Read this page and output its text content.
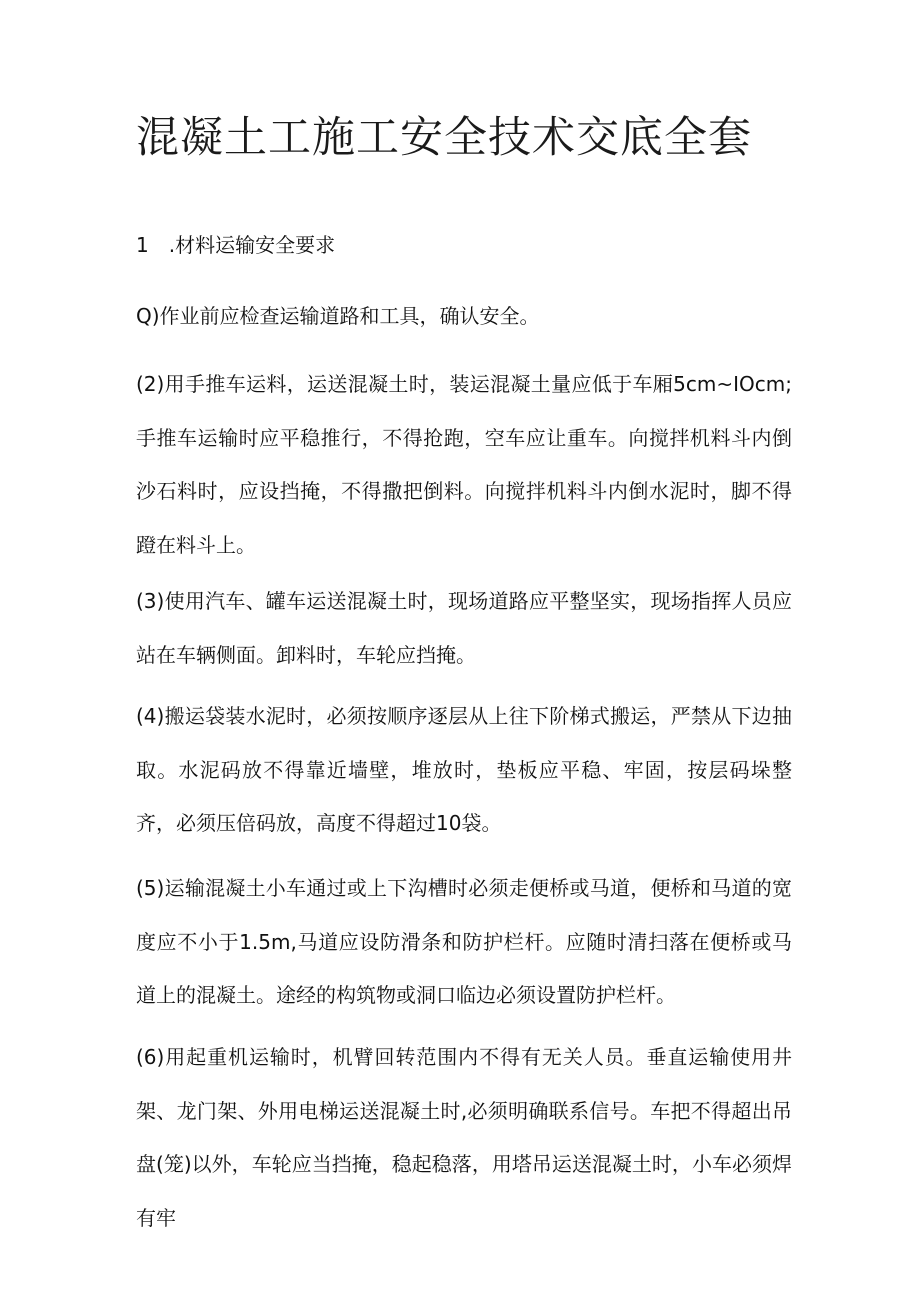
混凝土工施工安全技术交底全套
1　.材料运输安全要求

Q)作业前应检查运输道路和工具，确认安全。

(2)用手推车运料，运送混凝土时，装运混凝土量应低于车厢5cm~IOcm;手推车运输时应平稳推行，不得抢跑，空车应让重车。向搅拌机料斗内倒沙石料时，应设挡掩，不得撒把倒料。向搅拌机料斗内倒水泥时，脚不得蹬在料斗上。

(3)使用汽车、罐车运送混凝土时，现场道路应平整坚实，现场指挥人员应站在车辆侧面。卸料时，车轮应挡掩。

(4)搬运袋装水泥时，必须按顺序逐层从上往下阶梯式搬运，严禁从下边抽取。水泥码放不得靠近墙壁，堆放时，垫板应平稳、牢固，按层码垛整齐，必须压倍码放，高度不得超过10袋。

(5)运输混凝土小车通过或上下沟槽时必须走便桥或马道，便桥和马道的宽度应不小于1.5m,马道应设防滑条和防护栏杆。应随时清扫落在便桥或马道上的混凝土。途经的构筑物或洞口临边必须设置防护栏杆。

(6)用起重机运输时，机臂回转范围内不得有无关人员。垂直运输使用井架、龙门架、外用电梯运送混凝土时,必须明确联系信号。车把不得超出吊盘(笼)以外，车轮应当挡掩，稳起稳落，用塔吊运送混凝土时，小车必须焊有牢
